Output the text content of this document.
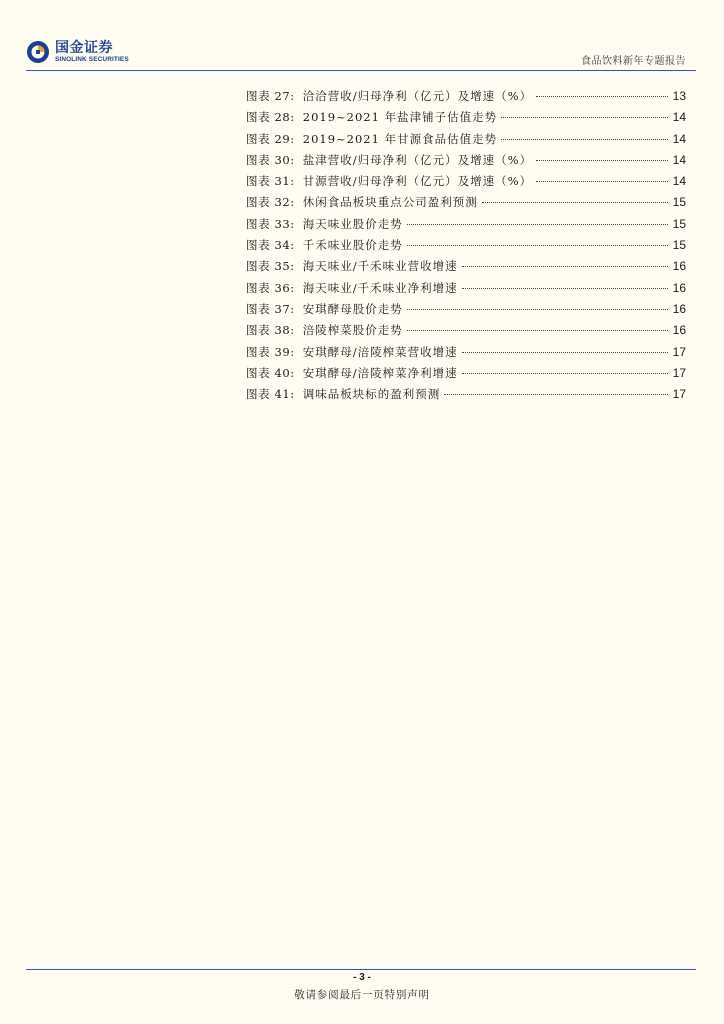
国金证券
SINOLINK SECURITIES	食品饮料新年专题报告
图表 27: 洽洽营收/归母净利（亿元）及增速（%）	13
图表 28: 2019~2021 年盐津铺子估值走势	14
图表 29: 2019~2021 年甘源食品估值走势	14
图表 30: 盐津营收/归母净利（亿元）及增速（%）	14
图表 31: 甘源营收/归母净利（亿元）及增速（%）	14
图表 32: 休闲食品板块重点公司盈利预测	15
图表 33: 海天味业股价走势	15
图表 34: 千禾味业股价走势	15
图表 35: 海天味业/千禾味业营收增速	16
图表 36: 海天味业/千禾味业净利增速	16
图表 37: 安琪酵母股价走势	16
图表 38: 涪陵榨菜股价走势	16
图表 39: 安琪酵母/涪陵榨菜营收增速	17
图表 40: 安琪酵母/涪陵榨菜净利增速	17
图表 41: 调味品板块标的盈利预测	17
- 3 -
敬请参阅最后一页特别声明
